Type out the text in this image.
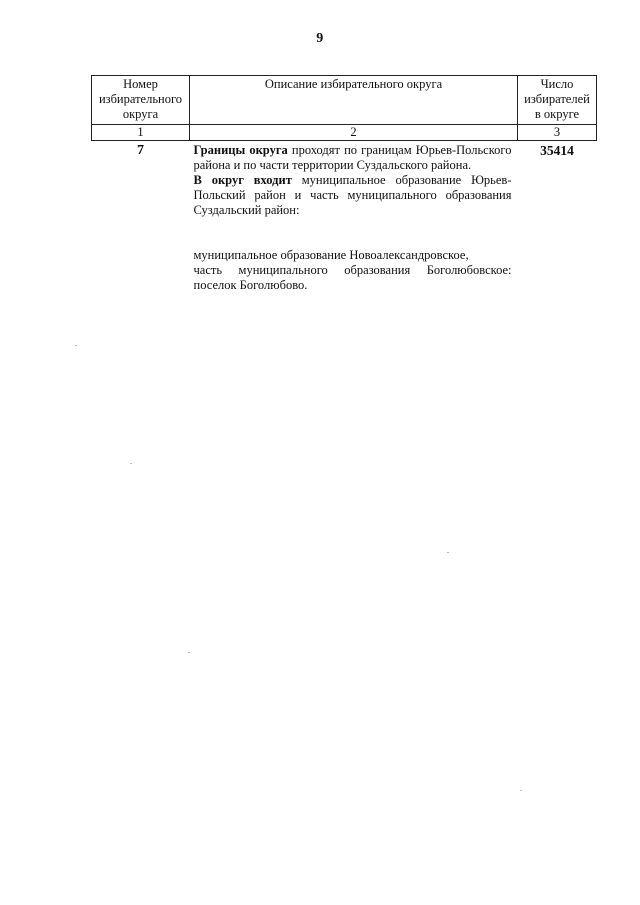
9
Номер избирательного округа	Описание избирательного округа	Число избирателей в округе
1	2	3
7	Границы округа проходят по границам Юрьев-Польского района и по части территории Суздальского района.

В округ входит муниципальное образование Юрьев-Польский район и часть муниципального образования Суздальский район:

муниципальное образование Новоалександровское,

часть муниципального образования Боголюбовское: поселок Боголюбово.	35414
